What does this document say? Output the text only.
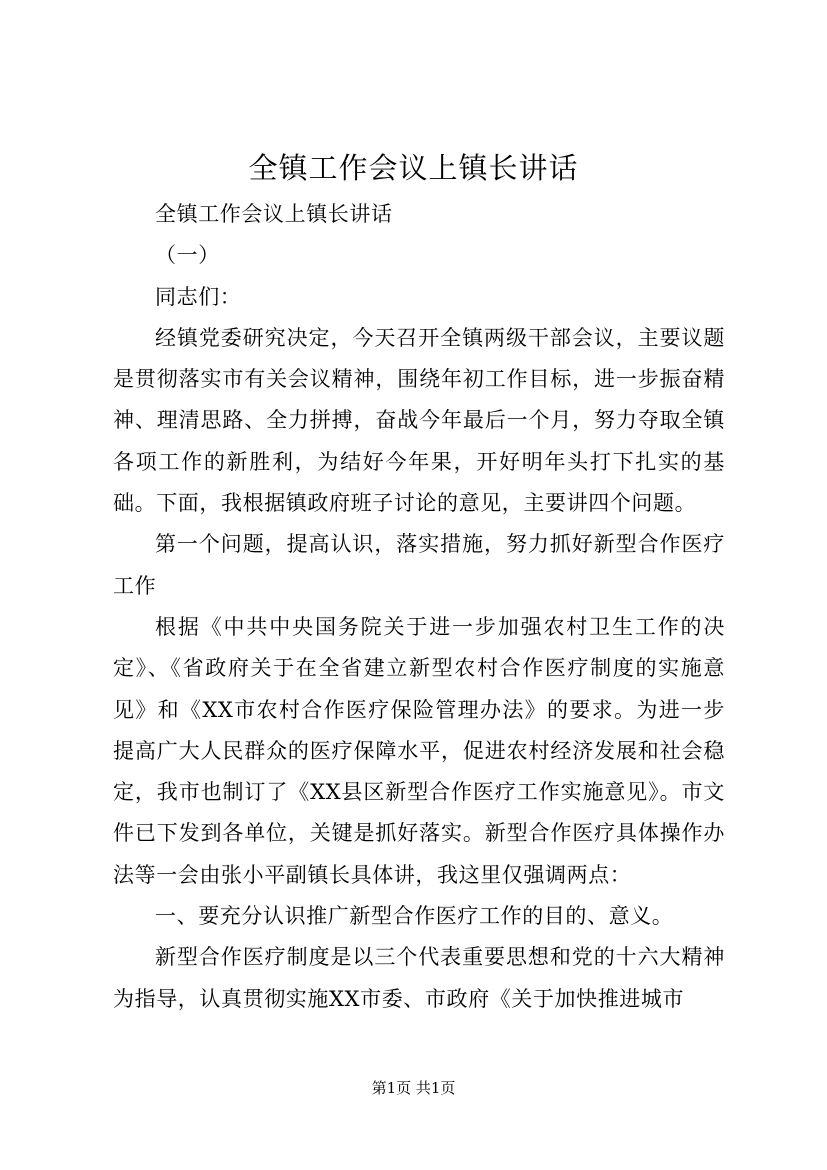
全镇工作会议上镇长讲话

全镇工作会议上镇长讲话

（一）

同志们：

经镇党委研究决定，今天召开全镇两级干部会议，主要议题是贯彻落实市有关会议精神，围绕年初工作目标，进一步振奋精神、理清思路、全力拼搏，奋战今年最后一个月，努力夺取全镇各项工作的新胜利，为结好今年果，开好明年头打下扎实的基础。下面，我根据镇政府班子讨论的意见，主要讲四个问题。

第一个问题，提高认识，落实措施，努力抓好新型合作医疗工作

根据《中共中央国务院关于进一步加强农村卫生工作的决定》、《省政府关于在全省建立新型农村合作医疗制度的实施意见》和《XX市农村合作医疗保险管理办法》的要求。为进一步提高广大人民群众的医疗保障水平，促进农村经济发展和社会稳定，我市也制订了《XX县区新型合作医疗工作实施意见》。市文件已下发到各单位，关键是抓好落实。新型合作医疗具体操作办法等一会由张小平副镇长具体讲，我这里仅强调两点：

一、要充分认识推广新型合作医疗工作的目的、意义。

新型合作医疗制度是以三个代表重要思想和党的十六大精神为指导，认真贯彻实施XX市委、市政府《关于加快推进城市

第1页 共1页
